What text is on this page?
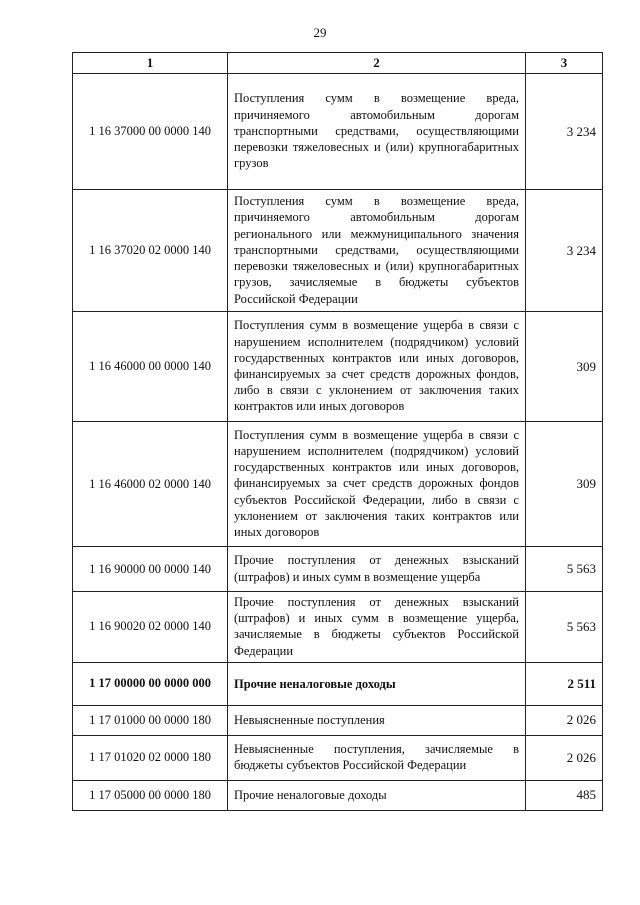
29
1	2	3
1 16 37000 00 0000 140	Поступления сумм в возмещение вреда, причиняемого автомобильным дорогам транспортными средствами, осуществляющими перевозки тяжеловесных и (или) крупногабаритных грузов	3 234
1 16 37020 02 0000 140	Поступления сумм в возмещение вреда, причиняемого автомобильным дорогам регионального или межмуниципального значения транспортными средствами, осуществляющими перевозки тяжеловесных и (или) крупногабаритных грузов, зачисляемые в бюджеты субъектов Российской Федерации	3 234
1 16 46000 00 0000 140	Поступления сумм в возмещение ущерба в связи с нарушением исполнителем (подрядчиком) условий государственных контрактов или иных договоров, финансируемых за счет средств дорожных фондов, либо в связи с уклонением от заключения таких контрактов или иных договоров	309
1 16 46000 02 0000 140	Поступления сумм в возмещение ущерба в связи с нарушением исполнителем (подрядчиком) условий государственных контрактов или иных договоров, финансируемых за счет средств дорожных фондов субъектов Российской Федерации, либо в связи с уклонением от заключения таких контрактов или иных договоров	309
1 16 90000 00 0000 140	Прочие поступления от денежных взысканий (штрафов) и иных сумм в возмещение ущерба	5 563
1 16 90020 02 0000 140	Прочие поступления от денежных взысканий (штрафов) и иных сумм в возмещение ущерба, зачисляемые в бюджеты субъектов Российской Федерации	5 563
1 17 00000 00 0000 000	Прочие неналоговые доходы	2 511
1 17 01000 00 0000 180	Невыясненные поступления	2 026
1 17 01020 02 0000 180	Невыясненные поступления, зачисляемые в бюджеты субъектов Российской Федерации	2 026
1 17 05000 00 0000 180	Прочие неналоговые доходы	485
